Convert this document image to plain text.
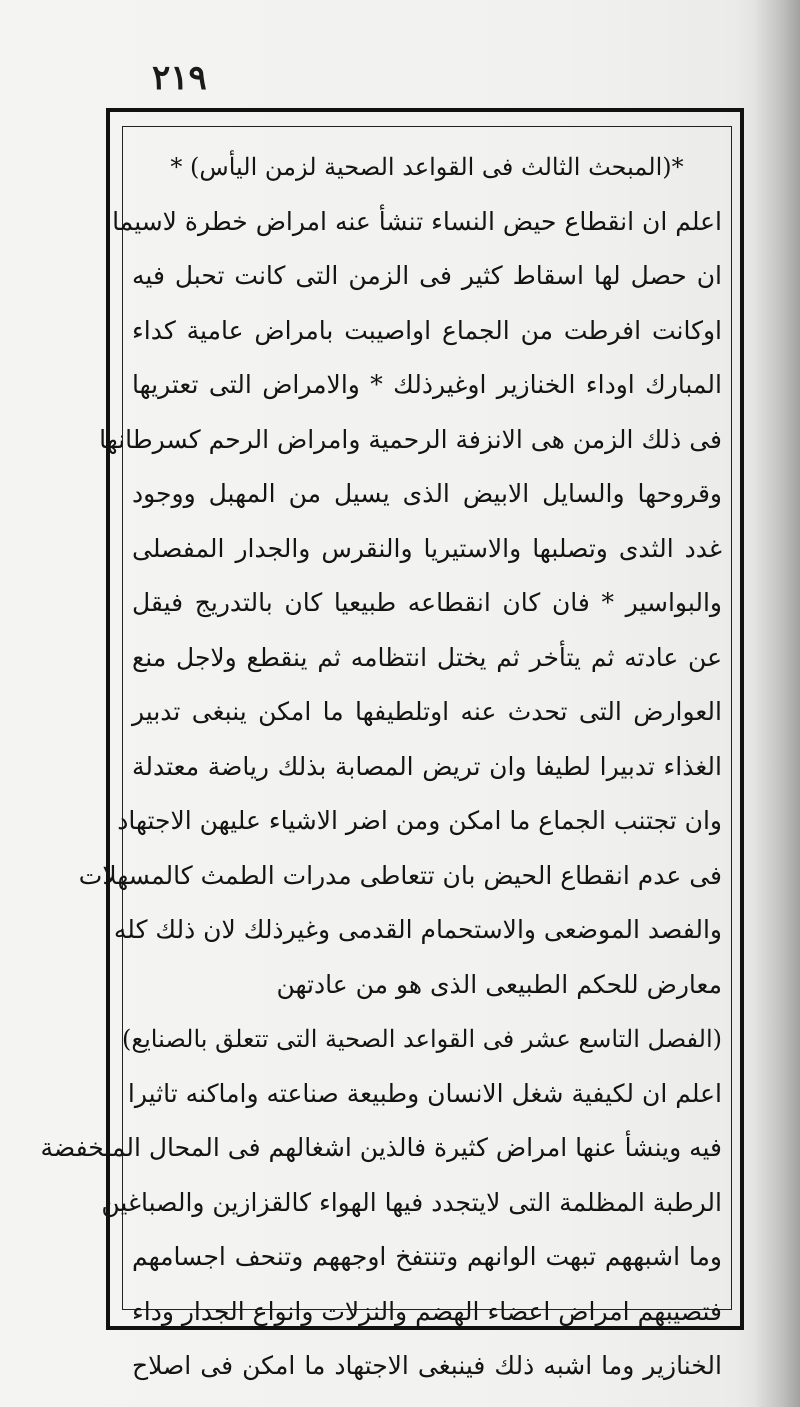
٢١٩
*(المبحث الثالث فى القواعد الصحية لزمن اليأس) *
اعلم ان انقطاع حيض النساء تنشأ عنه امراض خطرة لاسيما
ان حصل لها اسقاط كثير فى الزمن التى كانت تحبل فيه
اوكانت افرطت من الجماع اواصيبت بامراض عامية كداء
المبارك اوداء الخنازير اوغيرذلك * والامراض التى تعتريها
فى ذلك الزمن هى الانزفة الرحمية وامراض الرحم كسرطانها
وقروحها والسايل الابيض الذى يسيل من المهبل ووجود
غدد الثدى وتصلبها والاستيريا والنقرس والجدار المفصلى
والبواسير * فان كان انقطاعه طبيعيا كان بالتدريج فيقل
عن عادته ثم يتأخر ثم يختل انتظامه ثم ينقطع ولاجل منع
العوارض التى تحدث عنه اوتلطيفها ما امكن ينبغى تدبير
الغذاء تدبيرا لطيفا وان تريض المصابة بذلك رياضة معتدلة
وان تجتنب الجماع ما امكن ومن اضر الاشياء عليهن الاجتهاد
فى عدم انقطاع الحيض بان تتعاطى مدرات الطمث كالمسهلات
والفصد الموضعى والاستحمام القدمى وغيرذلك لان ذلك كله
معارض للحكم الطبيعى الذى هو من عادتهن
(الفصل التاسع عشر فى القواعد الصحية التى تتعلق بالصنايع)
اعلم ان لكيفية شغل الانسان وطبيعة صناعته واماكنه تاثيرا
فيه وينشأ عنها امراض كثيرة فالذين اشغالهم فى المحال المنخفضة
الرطبة المظلمة التى لايتجدد فيها الهواء كالقزازين والصباغين
وما اشبههم تبهت الوانهم وتنتفخ اوجههم وتنحف اجسامهم
فتصيبهم امراض اعضاء الهضم والنزلات وانواع الجدار وداء
الخنازير وما اشبه ذلك فينبغى الاجتهاد ما امكن فى اصلاح
